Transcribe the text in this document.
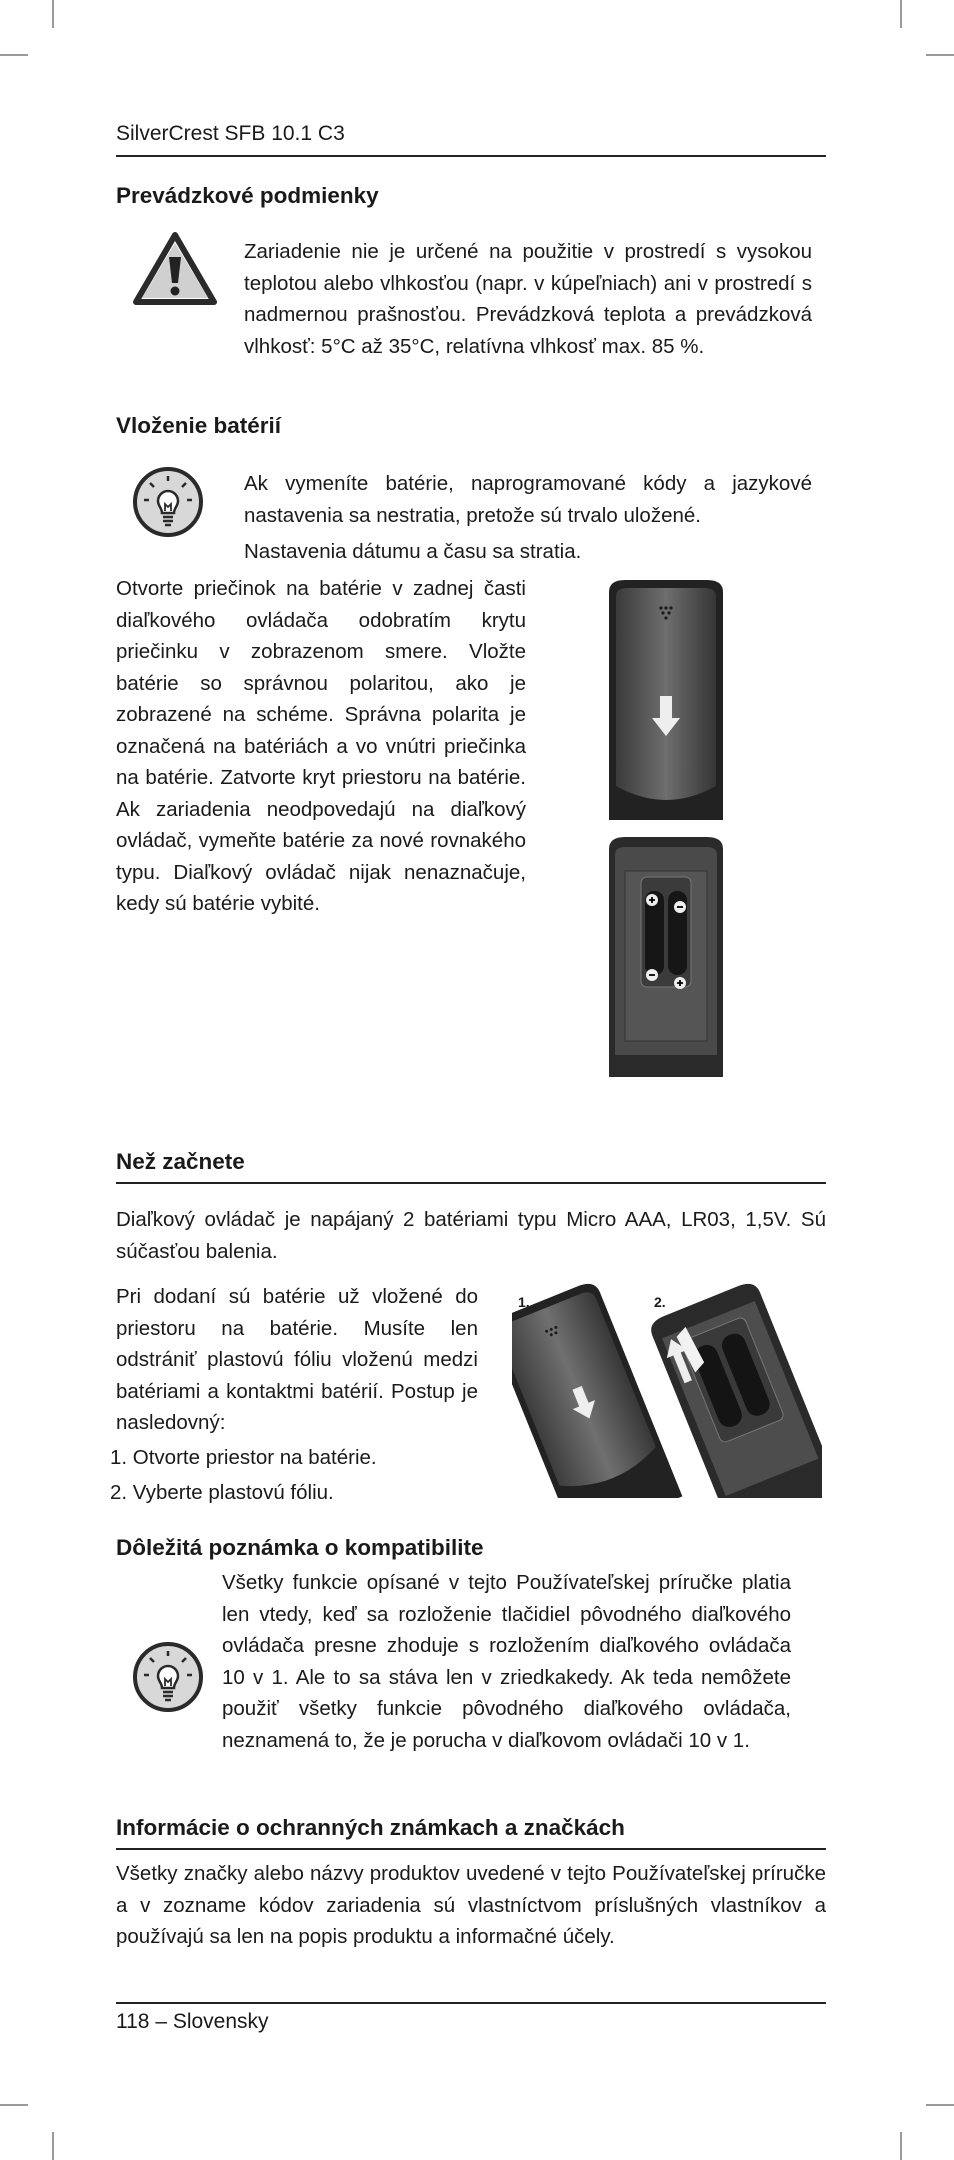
SilverCrest SFB 10.1 C3
Prevádzkové podmienky
Zariadenie nie je určené na použitie v prostredí s vysokou teplotou alebo vlhkosťou (napr. v kúpeľniach) ani v prostredí s nadmernou prašnosťou. Prevádzková teplota a prevádzková vlhkosť: 5°C až 35°C, relatívna vlhkosť max. 85 %.
Vloženie batérií
Ak vymeníte batérie, naprogramované kódy a jazykové nastavenia sa nestratia, pretože sú trvalo uložené.
Nastavenia dátumu a času sa stratia.
Otvorte priečinok na batérie v zadnej časti diaľkového ovládača odobratím krytu priečinku v zobrazenom smere. Vložte batérie so správnou polaritou, ako je zobrazené na schéme. Správna polarita je označená na batériách a vo vnútri priečinka na batérie. Zatvorte kryt priestoru na batérie. Ak zariadenia neodpovedajú na diaľkový ovládač, vymeňte batérie za nové rovnakého typu. Diaľkový ovládač nijak nenaznačuje, kedy sú batérie vybité.
Než začnete
Diaľkový ovládač je napájaný 2 batériami typu Micro AAA, LR03, 1,5V. Sú súčasťou balenia.
Pri dodaní sú batérie už vložené do priestoru na batérie. Musíte len odstrániť plastovú fóliu vloženú medzi batériami a kontaktmi batérií. Postup je nasledovný:
1. Otvorte priestor na batérie.
2. Vyberte plastovú fóliu.
1.	2.
Dôležitá poznámka o kompatibilite
Všetky funkcie opísané v tejto Používateľskej príručke platia len vtedy, keď sa rozloženie tlačidiel pôvodného diaľkového ovládača presne zhoduje s rozložením diaľkového ovládača 10 v 1. Ale to sa stáva len v zriedkakedy. Ak teda nemôžete použiť všetky funkcie pôvodného diaľkového ovládača, neznamená to, že je porucha v diaľkovom ovládači 10 v 1.
Informácie o ochranných známkach a značkách
Všetky značky alebo názvy produktov uvedené v tejto Používateľskej príručke a v zozname kódov zariadenia sú vlastníctvom príslušných vlastníkov a používajú sa len na popis produktu a informačné účely.
118 – Slovensky
